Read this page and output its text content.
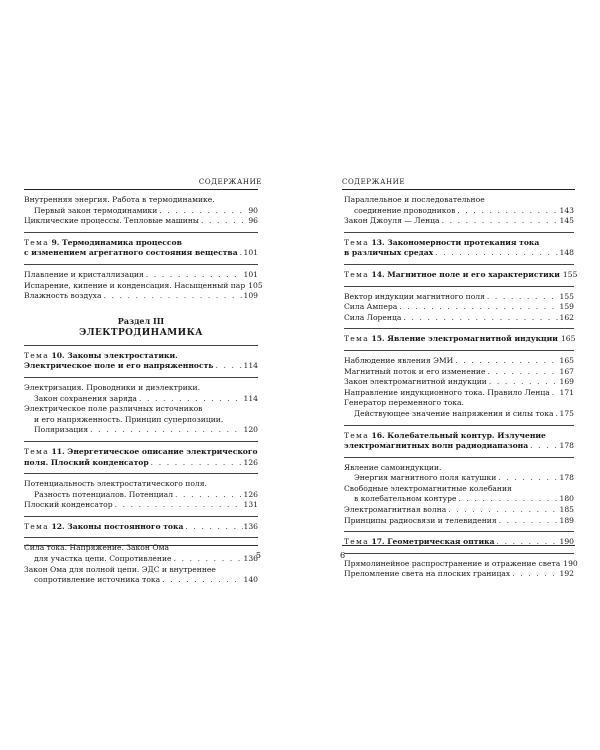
СОДЕРЖАНИЕ
Внутренняя энергия. Работа в термодинамике.
Первый закон термодинамики . . .	90
Циклические процессы. Тепловые машины . . .	96
Тема 9. Термодинамика процессов
с изменением агрегатного состояния вещества . . . 101
Плавление и кристаллизация . . .	101
Испарение, кипение и конденсация. Насыщенный пар 105
Влажность воздуха . . .	109
Раздел III
ЭЛЕКТРОДИНАМИКА
Тема 10. Законы электростатики.
Электрическое поле и его напряженность . . .	114
Электризация. Проводники и диэлектрики.
Закон сохранения заряда . . .	114
Электрическое поле различных источников
и его напряженность. Принцип суперпозиции.
Поляризация . . .	120
Тема 11. Энергетическое описание электрического
поля. Плоский конденсатор . . .	126
Потенциальность электростатического поля.
Разность потенциалов. Потенциал . . .	126
Плоский конденсатор . . .	131
Тема 12. Законы постоянного тока . . .	136
Сила тока. Напряжение. Закон Ома
для участка цепи. Сопротивление . . .	136
Закон Ома для полной цепи. ЭДС и внутреннее
сопротивление источника тока . . .	140
5
СОДЕРЖАНИЕ
Параллельное и последовательное
соединение проводников . . .	143
Закон Джоуля — Ленца . . .	145
Тема 13. Закономерности протекания тока
в различных средах . . .	148
Тема 14. Магнитное поле и его характеристики 155
Вектор индукции магнитного поля . . .	155
Сила Ампера . . .	159
Сила Лоренца . . .	162
Тема 15. Явление электромагнитной индукции 165
Наблюдение явления ЭМИ . . .	165
Магнитный поток и его изменение . . .	167
Закон электромагнитной индукции . . .	169
Направление индукционного тока. Правило Ленца . . . 171
Генератор переменного тока.
Действующее значение напряжения и силы тока . . . 175
Тема 16. Колебательный контур. Излучение
электромагнитных волн радиодиапазона . . .	178
Явление самоиндукции.
Энергия магнитного поля катушки . . .	178
Свободные электромагнитные колебания
в колебательном контуре . . .	180
Электромагнитная волна . . .	185
Принципы радиосвязи и телевидения . . .	189
Тема 17. Геометрическая оптика . . .	190
Прямолинейное распространение и отражение света 190
Преломление света на плоских границах . . .	192
6
